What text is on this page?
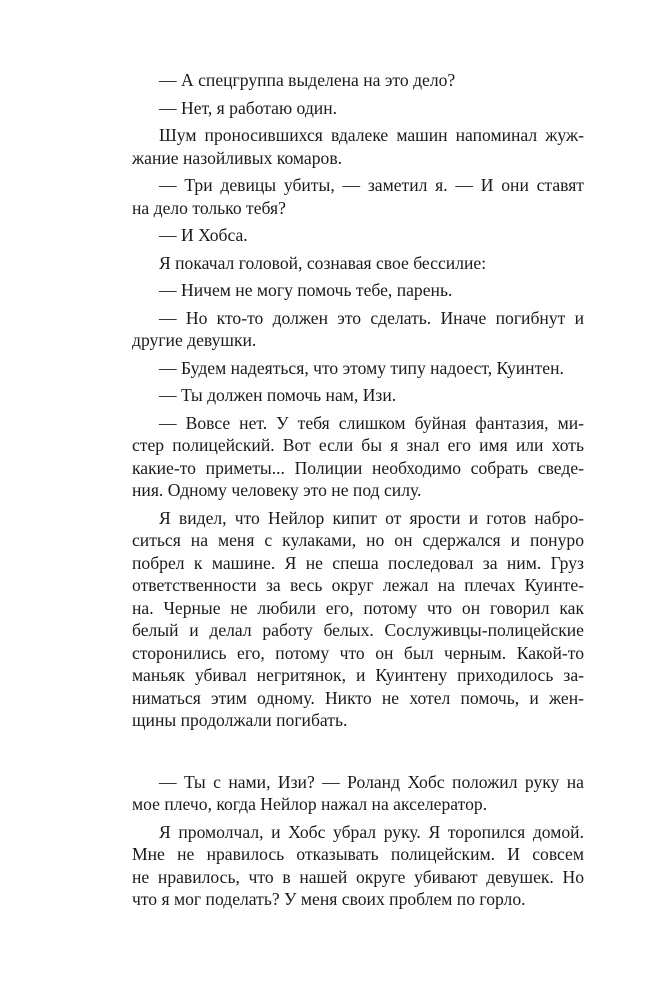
— А спецгруппа выделена на это дело?
— Нет, я работаю один.
Шум проносившихся вдалеке машин напоминал жуж-
жание назойливых комаров.
— Три девицы убиты, — заметил я. — И они ставят
на дело только тебя?
— И Хобса.
Я покачал головой, сознавая свое бессилие:
— Ничем не могу помочь тебе, парень.
— Но кто-то должен это сделать. Иначе погибнут и
другие девушки.
— Будем надеяться, что этому типу надоест, Куинтен.
— Ты должен помочь нам, Изи.
— Вовсе нет. У тебя слишком буйная фантазия, ми-
стер полицейский. Вот если бы я знал его имя или хоть
какие-то приметы... Полиции необходимо собрать сведе-
ния. Одному человеку это не под силу.
Я видел, что Нейлор кипит от ярости и готов набро-
ситься на меня с кулаками, но он сдержался и понуро
побрел к машине. Я не спеша последовал за ним. Груз
ответственности за весь округ лежал на плечах Куинте-
на. Черные не любили его, потому что он говорил как
белый и делал работу белых. Сослуживцы-полицейские
сторонились его, потому что он был черным. Какой-то
маньяк убивал негритянок, и Куинтену приходилось за-
ниматься этим одному. Никто не хотел помочь, и жен-
щины продолжали погибать.
— Ты с нами, Изи? — Роланд Хобс положил руку на
мое плечо, когда Нейлор нажал на акселератор.
Я промолчал, и Хобс убрал руку. Я торопился домой.
Мне не нравилось отказывать полицейским. И совсем
не нравилось, что в нашей округе убивают девушек. Но
что я мог поделать? У меня своих проблем по горло.
